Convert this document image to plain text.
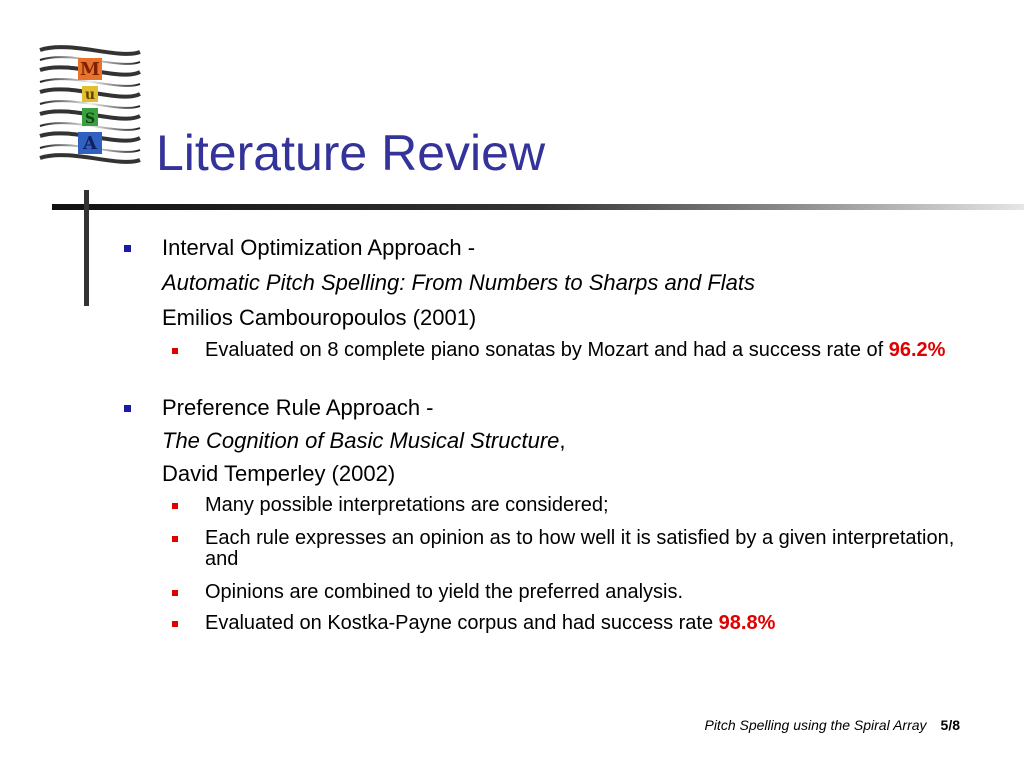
M
u
S
A Literature Review
Interval Optimization Approach -
Automatic Pitch Spelling: From Numbers to Sharps and Flats
Emilios Cambouropoulos (2001)
Evaluated on 8 complete piano sonatas by Mozart and had a success rate of 96.2%
Preference Rule Approach -
The Cognition of Basic Musical Structure,
David Temperley (2002)
Many possible interpretations are considered;
Each rule expresses an opinion as to how well it is satisfied by a given interpretation, and
Opinions are combined to yield the preferred analysis.
Evaluated on Kostka-Payne corpus and had success rate 98.8%
Pitch Spelling using the Spiral Array 5/8
